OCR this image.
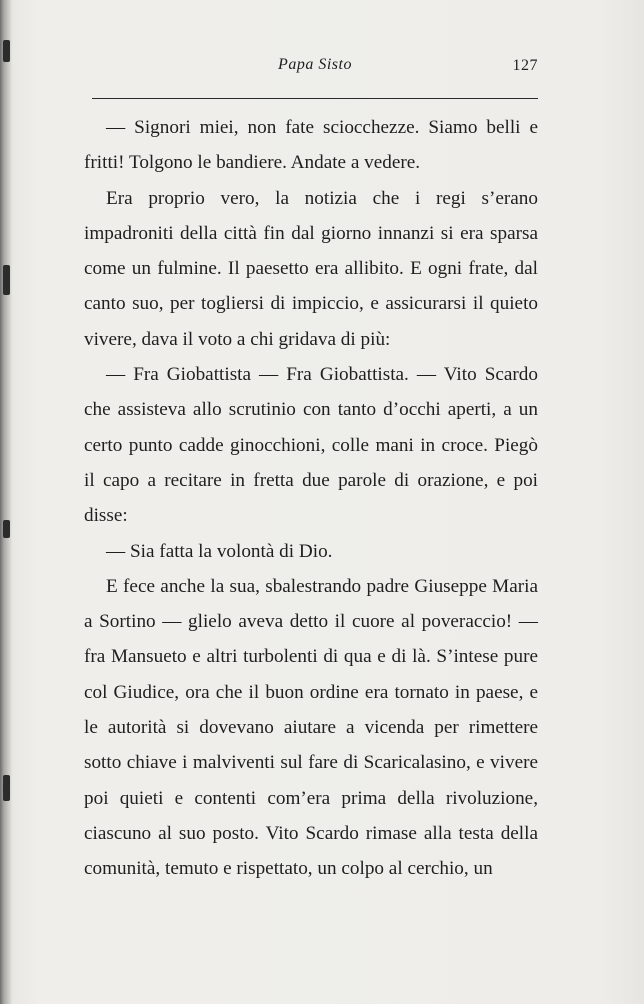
Papa Sisto	127

— Signori miei, non fate sciocchezze. Siamo belli e fritti! Tolgono le bandiere. Andate a vedere.

Era proprio vero, la notizia che i regi s’erano impadroniti della città fin dal giorno innanzi si era sparsa come un fulmine. Il paesetto era allibito. E ogni frate, dal canto suo, per togliersi di impiccio, e assicurarsi il quieto vivere, dava il voto a chi gridava di più:

— Fra Giobattista — Fra Giobattista. — Vito Scardo che assisteva allo scrutinio con tanto d’occhi aperti, a un certo punto cadde ginocchioni, colle mani in croce. Piegò il capo a recitare in fretta due parole di orazione, e poi disse:

— Sia fatta la volontà di Dio.

E fece anche la sua, sbalestrando padre Giuseppe Maria a Sortino — glielo aveva detto il cuore al poveraccio! — fra Mansueto e altri turbolenti di qua e di là. S’intese pure col Giudice, ora che il buon ordine era tornato in paese, e le autorità si dovevano aiutare a vicenda per rimettere sotto chiave i malviventi sul fare di Scaricalasino, e vivere poi quieti e contenti com’era prima della rivoluzione, ciascuno al suo posto. Vito Scardo rimase alla testa della comunità, temuto e rispettato, un colpo al cerchio, un
